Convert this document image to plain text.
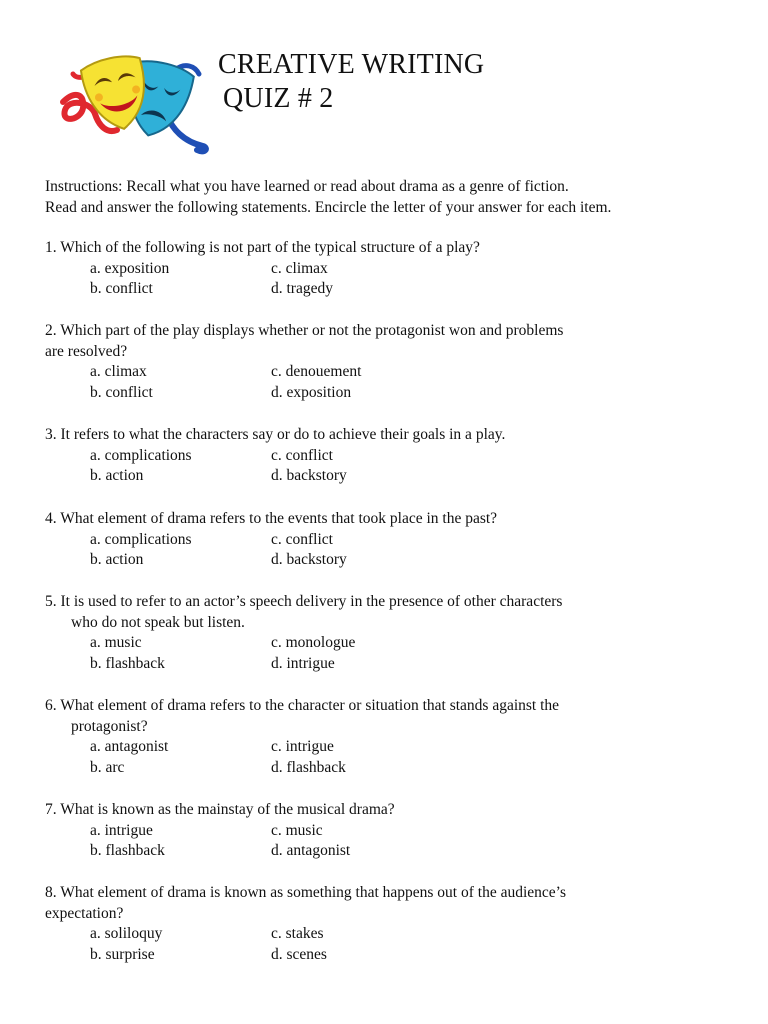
CREATIVE WRITING
QUIZ # 2
Instructions: Recall what you have learned or read about drama as a genre of fiction.
Read and answer the following statements. Encircle the letter of your answer for each item.
1. Which of the following is not part of the typical structure of a play?
a. exposition	c. climax
b. conflict	d. tragedy
2. Which part of the play displays whether or not the protagonist won and problems
are resolved?
a. climax	c. denouement
b. conflict	d. exposition
3. It refers to what the characters say or do to achieve their goals in a play.
a. complications	c. conflict
b. action	d. backstory
4. What element of drama refers to the events that took place in the past?
a. complications	c. conflict
b. action	d. backstory
5. It is used to refer to an actor’s speech delivery in the presence of other characters
who do not speak but listen.
a. music	c. monologue
b. flashback	d. intrigue
6. What element of drama refers to the character or situation that stands against the
protagonist?
a. antagonist	c. intrigue
b. arc	d. flashback
7. What is known as the mainstay of the musical drama?
a. intrigue	c. music
b. flashback	d. antagonist
8. What element of drama is known as something that happens out of the audience’s
expectation?
a. soliloquy	c. stakes
b. surprise	d. scenes
